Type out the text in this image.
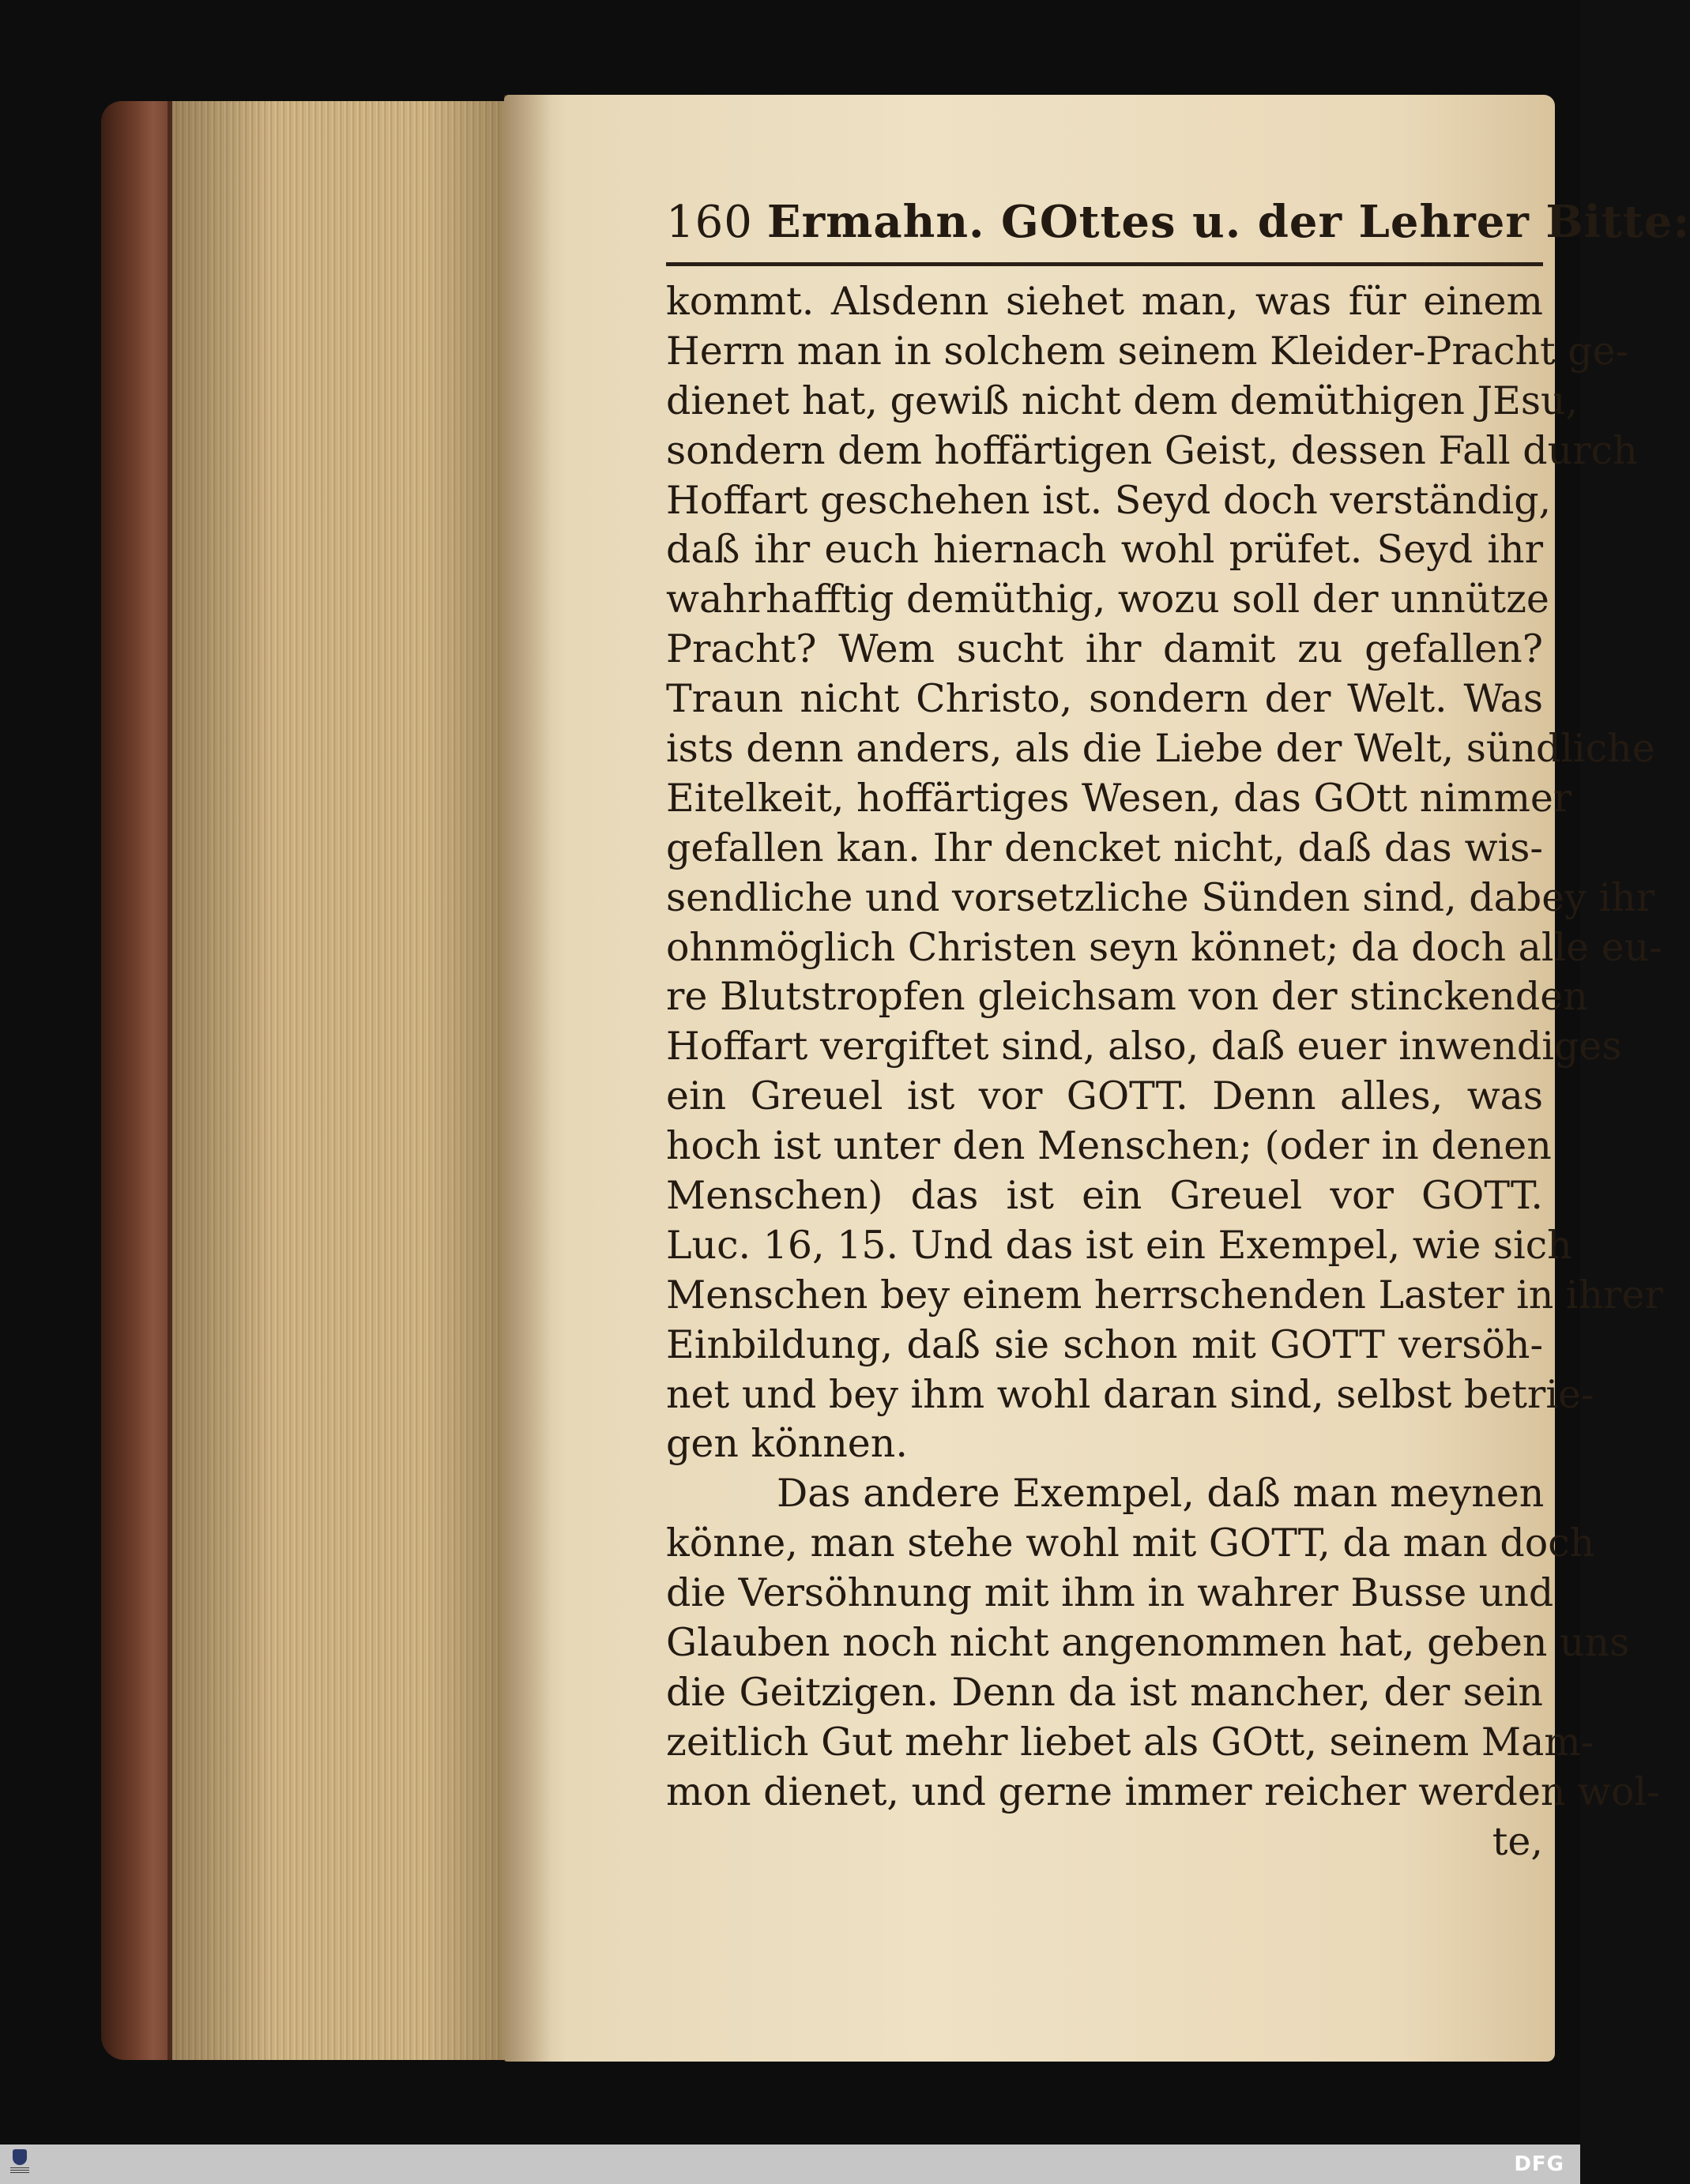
160 Ermahn. GOttes u. der Lehrer Bitte:
kommt. Alsdenn siehet man, was für einem
Herrn man in solchem seinem Kleider-Pracht ge-
dienet hat, gewiß nicht dem demüthigen JEsu,
sondern dem hoffärtigen Geist, dessen Fall durch
Hoffart geschehen ist. Seyd doch verständig,
daß ihr euch hiernach wohl prüfet. Seyd ihr
wahrhafftig demüthig, wozu soll der unnütze
Pracht? Wem sucht ihr damit zu gefallen?
Traun nicht Christo, sondern der Welt. Was
ists denn anders, als die Liebe der Welt, sündliche
Eitelkeit, hoffärtiges Wesen, das GOtt nimmer
gefallen kan. Ihr dencket nicht, daß das wis-
sendliche und vorsetzliche Sünden sind, dabey ihr
ohnmöglich Christen seyn könnet; da doch alle eu-
re Blutstropfen gleichsam von der stinckenden
Hoffart vergiftet sind, also, daß euer inwendiges
ein Greuel ist vor GOTT. Denn alles, was
hoch ist unter den Menschen; (oder in denen
Menschen) das ist ein Greuel vor GOTT.
Luc. 16, 15. Und das ist ein Exempel, wie sich
Menschen bey einem herrschenden Laster in ihrer
Einbildung, daß sie schon mit GOTT versöh-
net und bey ihm wohl daran sind, selbst betrie-
gen können.
Das andere Exempel, daß man meynen
könne, man stehe wohl mit GOTT, da man doch
die Versöhnung mit ihm in wahrer Busse und
Glauben noch nicht angenommen hat, geben uns
die Geitzigen. Denn da ist mancher, der sein
zeitlich Gut mehr liebet als GOtt, seinem Mam-
mon dienet, und gerne immer reicher werden wol-
te,
DFG
